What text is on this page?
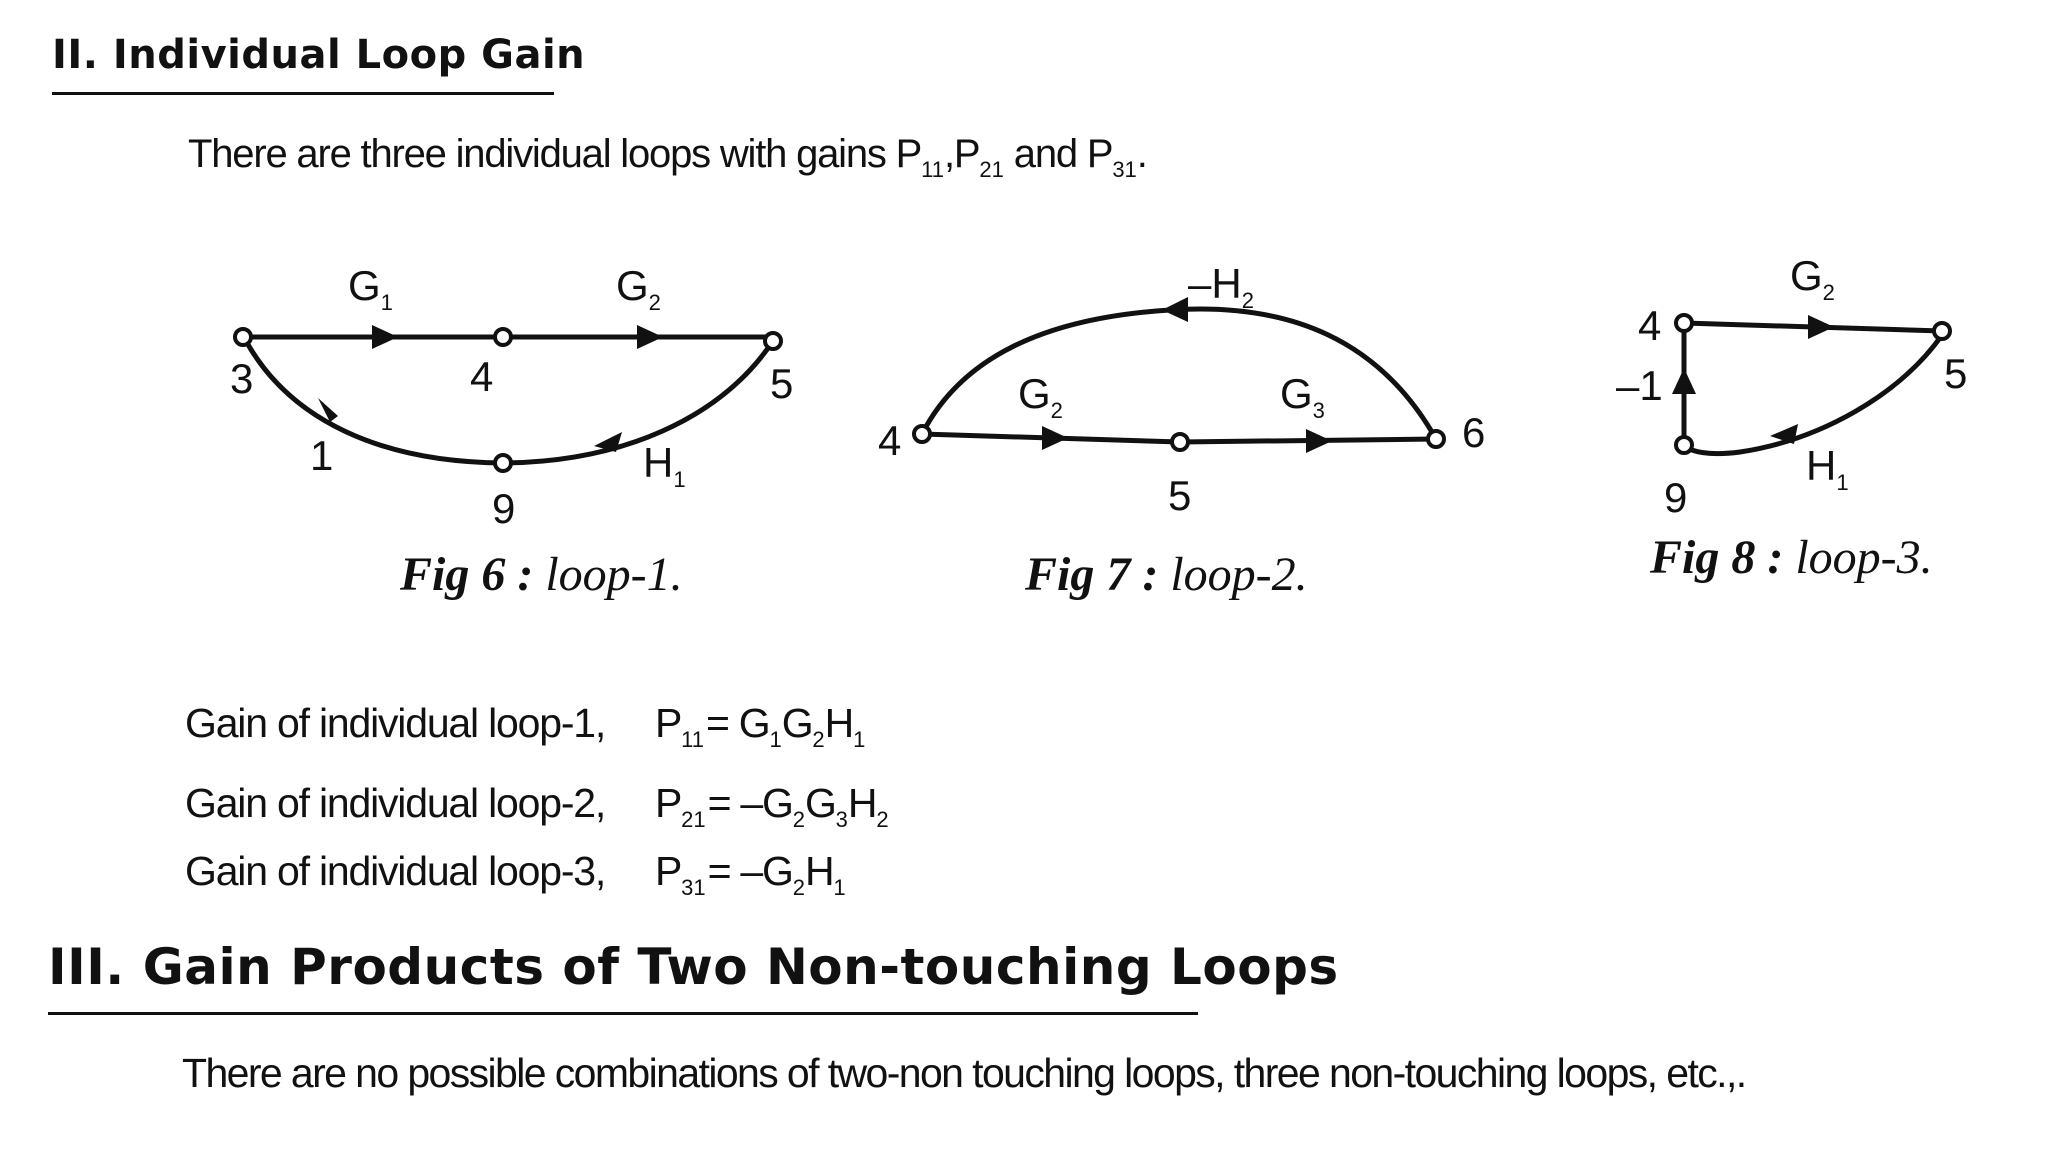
II. Individual Loop Gain
There are three individual loops with gains $P_{11},P_{21}$ and $P_{31}$.
$G_1$	$G_2$
$H_1$
1
3	4	5
9
Fig 6 : loop-1.
$G_2$	$G_3$
$-H_2$
4
5
6
Fig 7 : loop-2.
$G_2$
$H_1$
–1
4
5
9
Fig 8 : loop-3.
Gain of individual loop-1, $P_{11}= G_1G_2H_1$
Gain of individual loop-2, $P_{21}= -G_2G_3H_2$
Gain of individual loop-3, $P_{31}= -G_2H_1$
III. Gain Products of Two Non-touching Loops
There are no possible combinations of two-non touching loops, three non-touching loops, etc.,.
